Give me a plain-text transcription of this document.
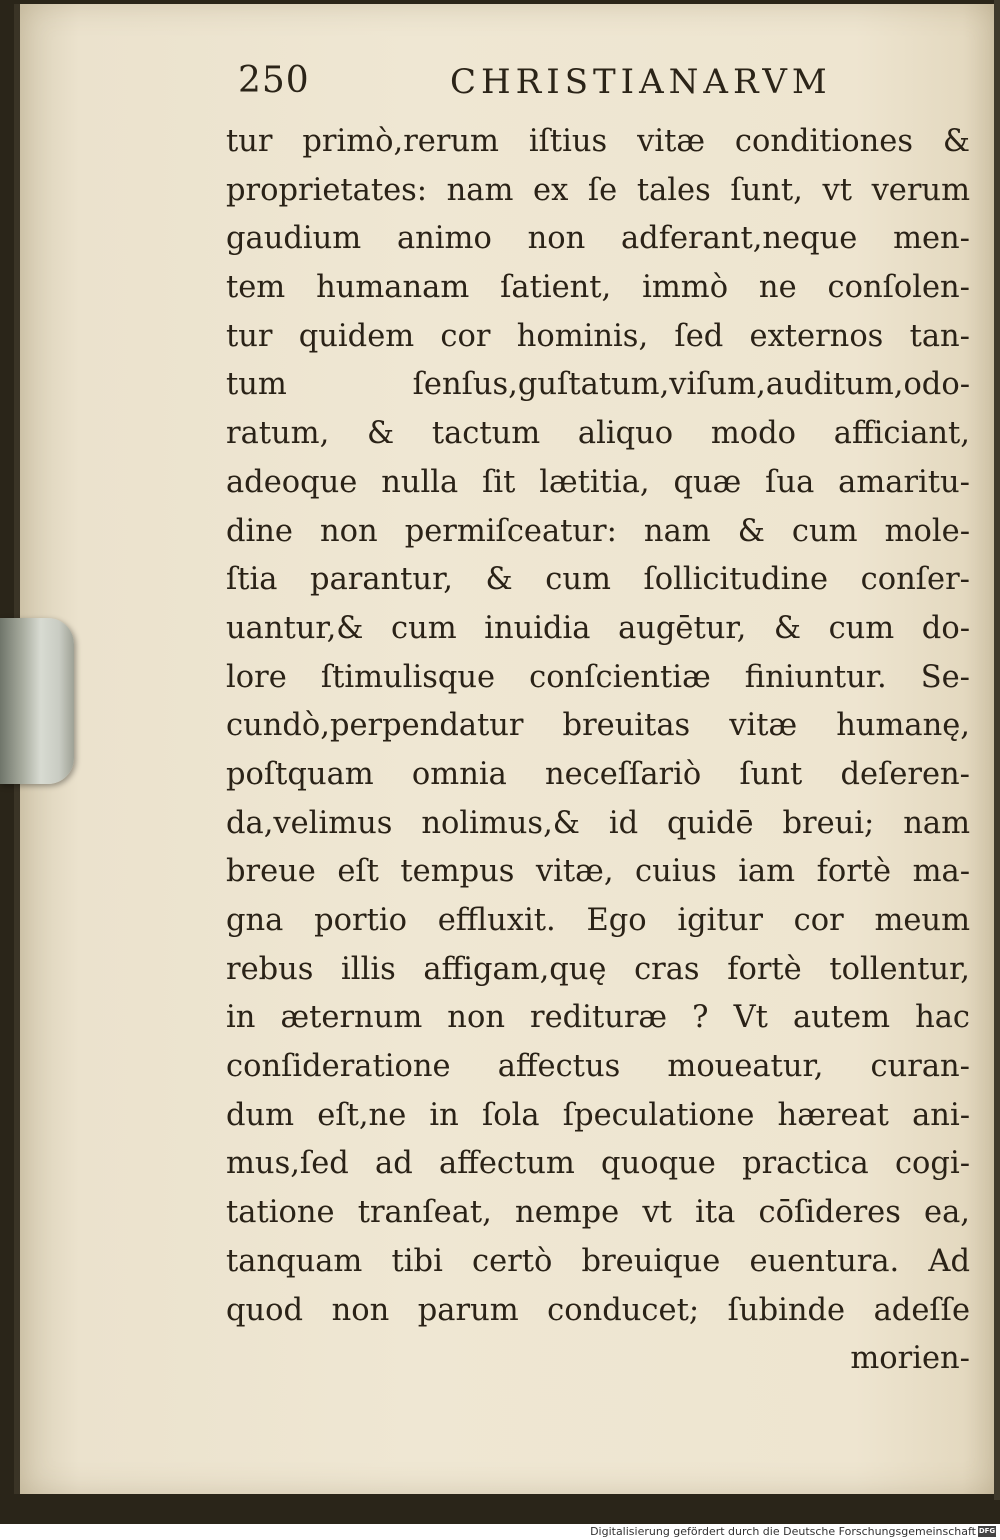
250	CHRISTIANARVM
tur primò,rerum iſtius vitæ conditiones &
proprietates: nam ex ſe tales ſunt, vt verum
gaudium animo non adferant,neque men-
tem humanam ſatient, immò ne conſolen-
tur quidem cor hominis, ſed externos tan-
tum ſenſus,guſtatum,viſum,auditum,odo-
ratum, & tactum aliquo modo afficiant,
adeoque nulla ſit lætitia, quæ ſua amaritu-
dine non permiſceatur: nam & cum mole-
ſtia parantur, & cum ſollicitudine conſer-
uantur,& cum inuidia augētur, & cum do-
lore ſtimulisque conſcientiæ finiuntur. Se-
cundò,perpendatur breuitas vitæ humanę,
poſtquam omnia neceſſariò ſunt deſeren-
da,velimus nolimus,& id quidē breui; nam
breue eſt tempus vitæ, cuius iam fortè ma-
gna portio effluxit. Ego igitur cor meum
rebus illis affigam,quę cras fortè tollentur,
in æternum non redituræ ? Vt autem hac
conſideratione affectus moueatur, curan-
dum eſt,ne in ſola ſpeculatione hæreat ani-
mus,ſed ad affectum quoque practica cogi-
tatione tranſeat, nempe vt ita cōſideres ea,
tanquam tibi certò breuique euentura. Ad
quod non parum conducet; ſubinde adeſſe
morien-
Digitalisierung gefördert durch die Deutsche Forschungsgemeinschaft DFG
